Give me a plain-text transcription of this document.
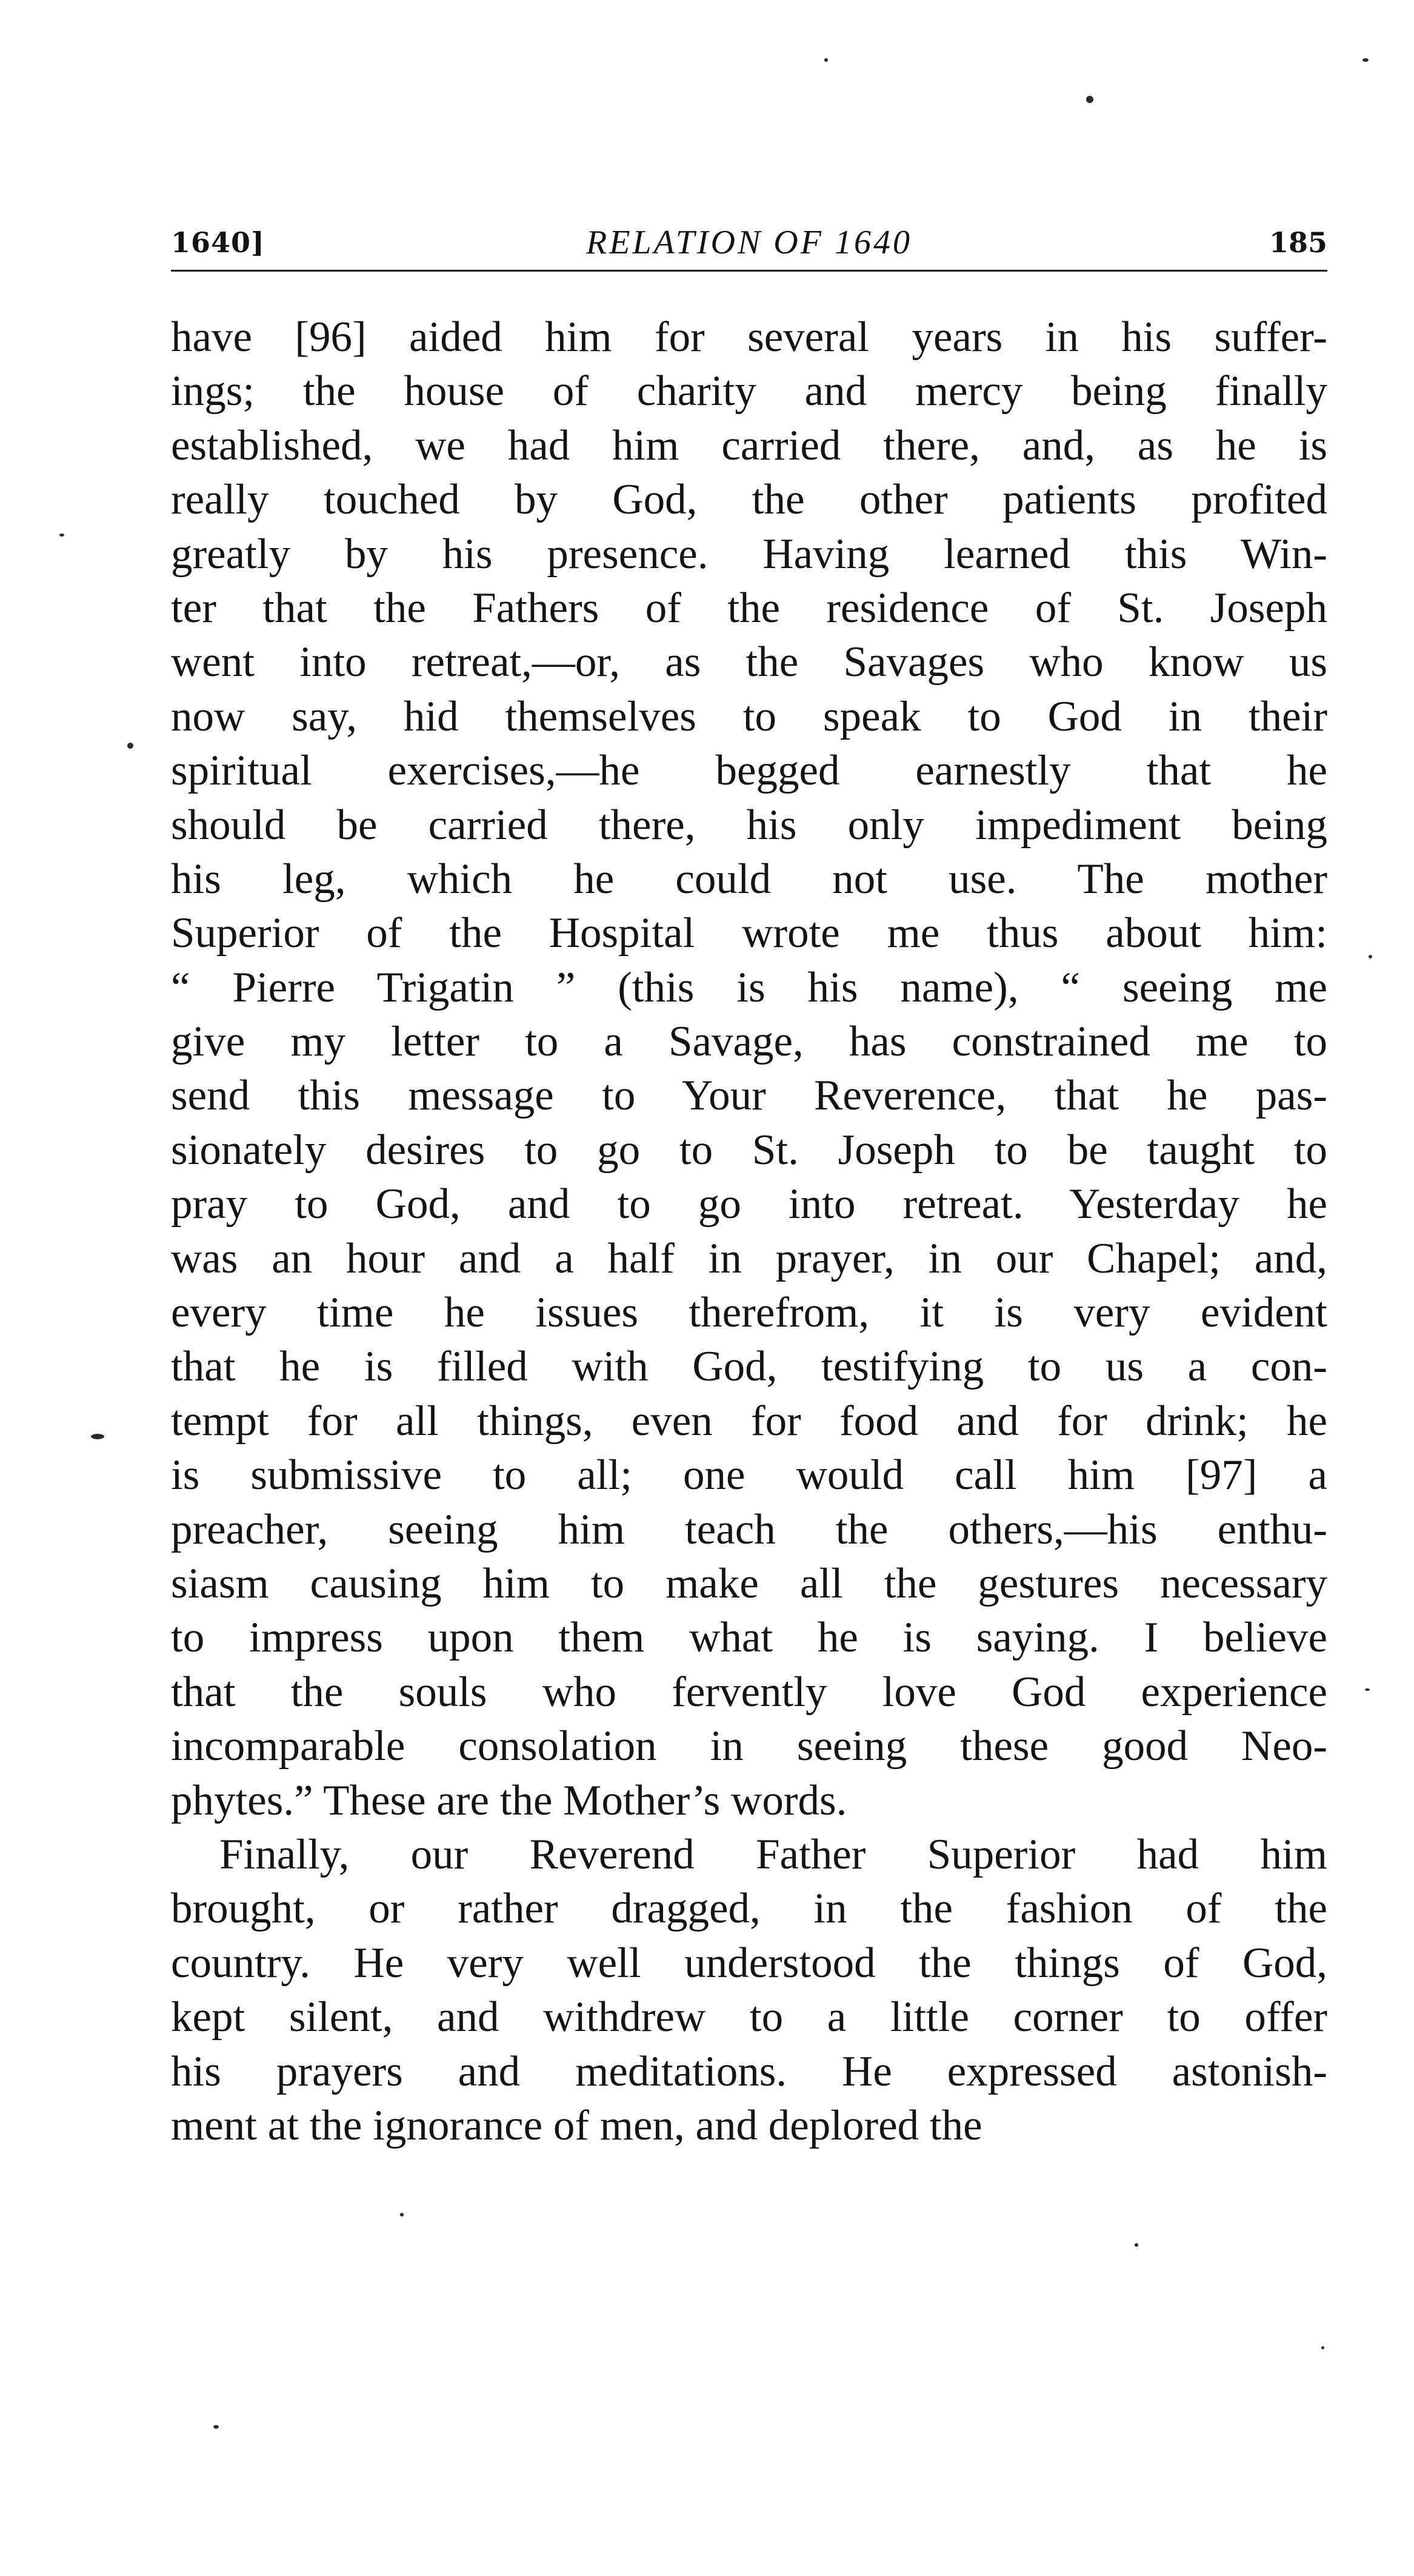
1640]	RELATION OF 1640	185
have [96] aided him for several years in his suffer-
ings; the house of charity and mercy being finally
established, we had him carried there, and, as he is
really touched by God, the other patients profited
greatly by his presence. Having learned this Win-
ter that the Fathers of the residence of St. Joseph
went into retreat,—or, as the Savages who know us
now say, hid themselves to speak to God in their
spiritual exercises,—he begged earnestly that he
should be carried there, his only impediment being
his leg, which he could not use. The mother
Superior of the Hospital wrote me thus about him:
“ Pierre Trigatin ” (this is his name), “ seeing me
give my letter to a Savage, has constrained me to
send this message to Your Reverence, that he pas-
sionately desires to go to St. Joseph to be taught to
pray to God, and to go into retreat. Yesterday he
was an hour and a half in prayer, in our Chapel; and,
every time he issues therefrom, it is very evident
that he is filled with God, testifying to us a con-
tempt for all things, even for food and for drink; he
is submissive to all; one would call him [97] a
preacher, seeing him teach the others,—his enthu-
siasm causing him to make all the gestures necessary
to impress upon them what he is saying. I believe
that the souls who fervently love God experience
incomparable consolation in seeing these good Neo-
phytes.” These are the Mother’s words.
Finally, our Reverend Father Superior had him
brought, or rather dragged, in the fashion of the
country. He very well understood the things of God,
kept silent, and withdrew to a little corner to offer
his prayers and meditations. He expressed astonish-
ment at the ignorance of men, and deplored the
